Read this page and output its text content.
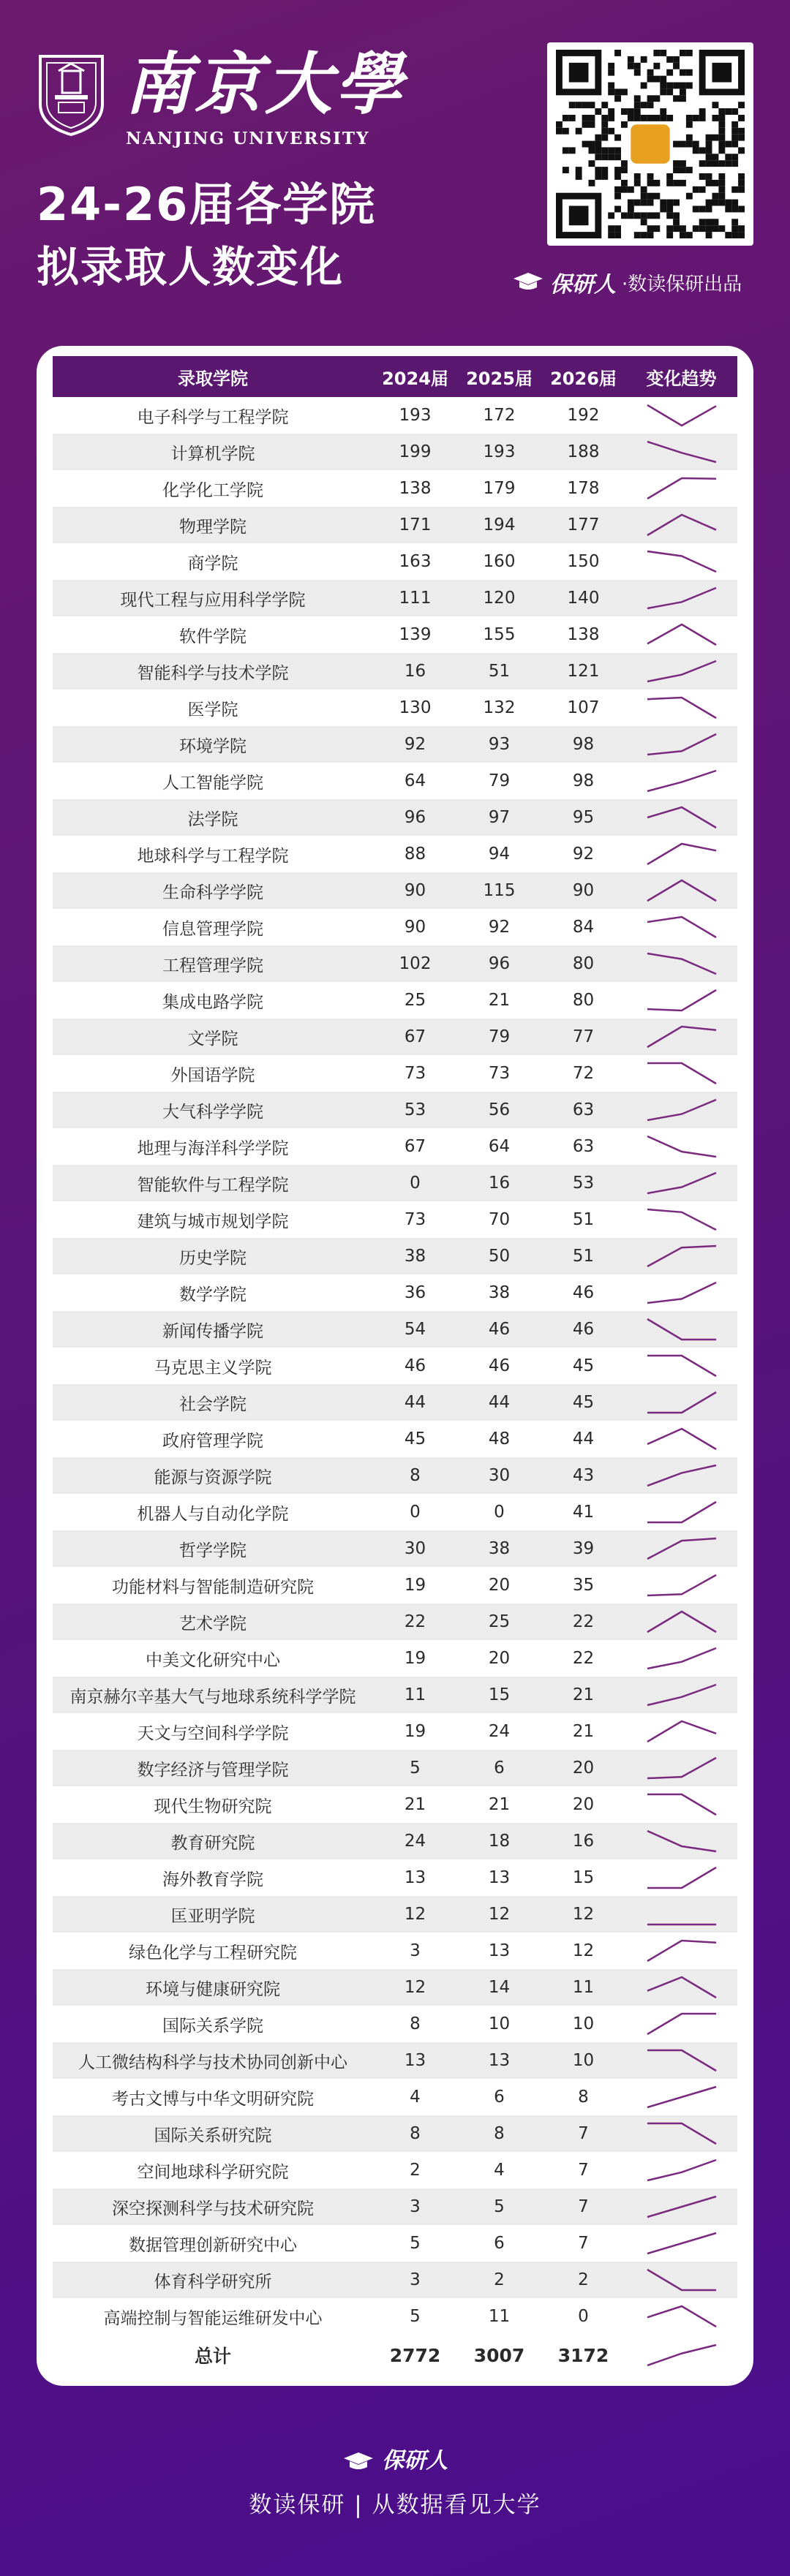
南京大學
NANJING UNIVERSITY
24-26届各学院
拟录取人数变化	保研人 ·数读保研出品
录取学院	2024届	2025届	2026届	变化趋势
电子科学与工程学院	193	172	192
计算机学院	199	193	188
化学化工学院	138	179	178
物理学院	171	194	177
商学院	163	160	150
现代工程与应用科学学院	111	120	140
软件学院	139	155	138
智能科学与技术学院	16	51	121
医学院	130	132	107
环境学院	92	93	98
人工智能学院	64	79	98
法学院	96	97	95
地球科学与工程学院	88	94	92
生命科学学院	90	115	90
信息管理学院	90	92	84
工程管理学院	102	96	80
集成电路学院	25	21	80
文学院	67	79	77
外国语学院	73	73	72
大气科学学院	53	56	63
地理与海洋科学学院	67	64	63
智能软件与工程学院	0	16	53
建筑与城市规划学院	73	70	51
历史学院	38	50	51
数学学院	36	38	46
新闻传播学院	54	46	46
马克思主义学院	46	46	45
社会学院	44	44	45
政府管理学院	45	48	44
能源与资源学院	8	30	43
机器人与自动化学院	0	0	41
哲学学院	30	38	39
功能材料与智能制造研究院	19	20	35
艺术学院	22	25	22
中美文化研究中心	19	20	22
南京赫尔辛基大气与地球系统科学学院	11	15	21
天文与空间科学学院	19	24	21
数字经济与管理学院	5	6	20
现代生物研究院	21	21	20
教育研究院	24	18	16
海外教育学院	13	13	15
匡亚明学院	12	12	12
绿色化学与工程研究院	3	13	12
环境与健康研究院	12	14	11
国际关系学院	8	10	10
人工微结构科学与技术协同创新中心	13	13	10
考古文博与中华文明研究院	4	6	8
国际关系研究院	8	8	7
空间地球科学研究院	2	4	7
深空探测科学与技术研究院	3	5	7
数据管理创新研究中心	5	6	7
体育科学研究所	3	2	2
高端控制与智能运维研发中心	5	11	0
总计	2772	3007	3172
保研人
数读保研 | 从数据看见大学
